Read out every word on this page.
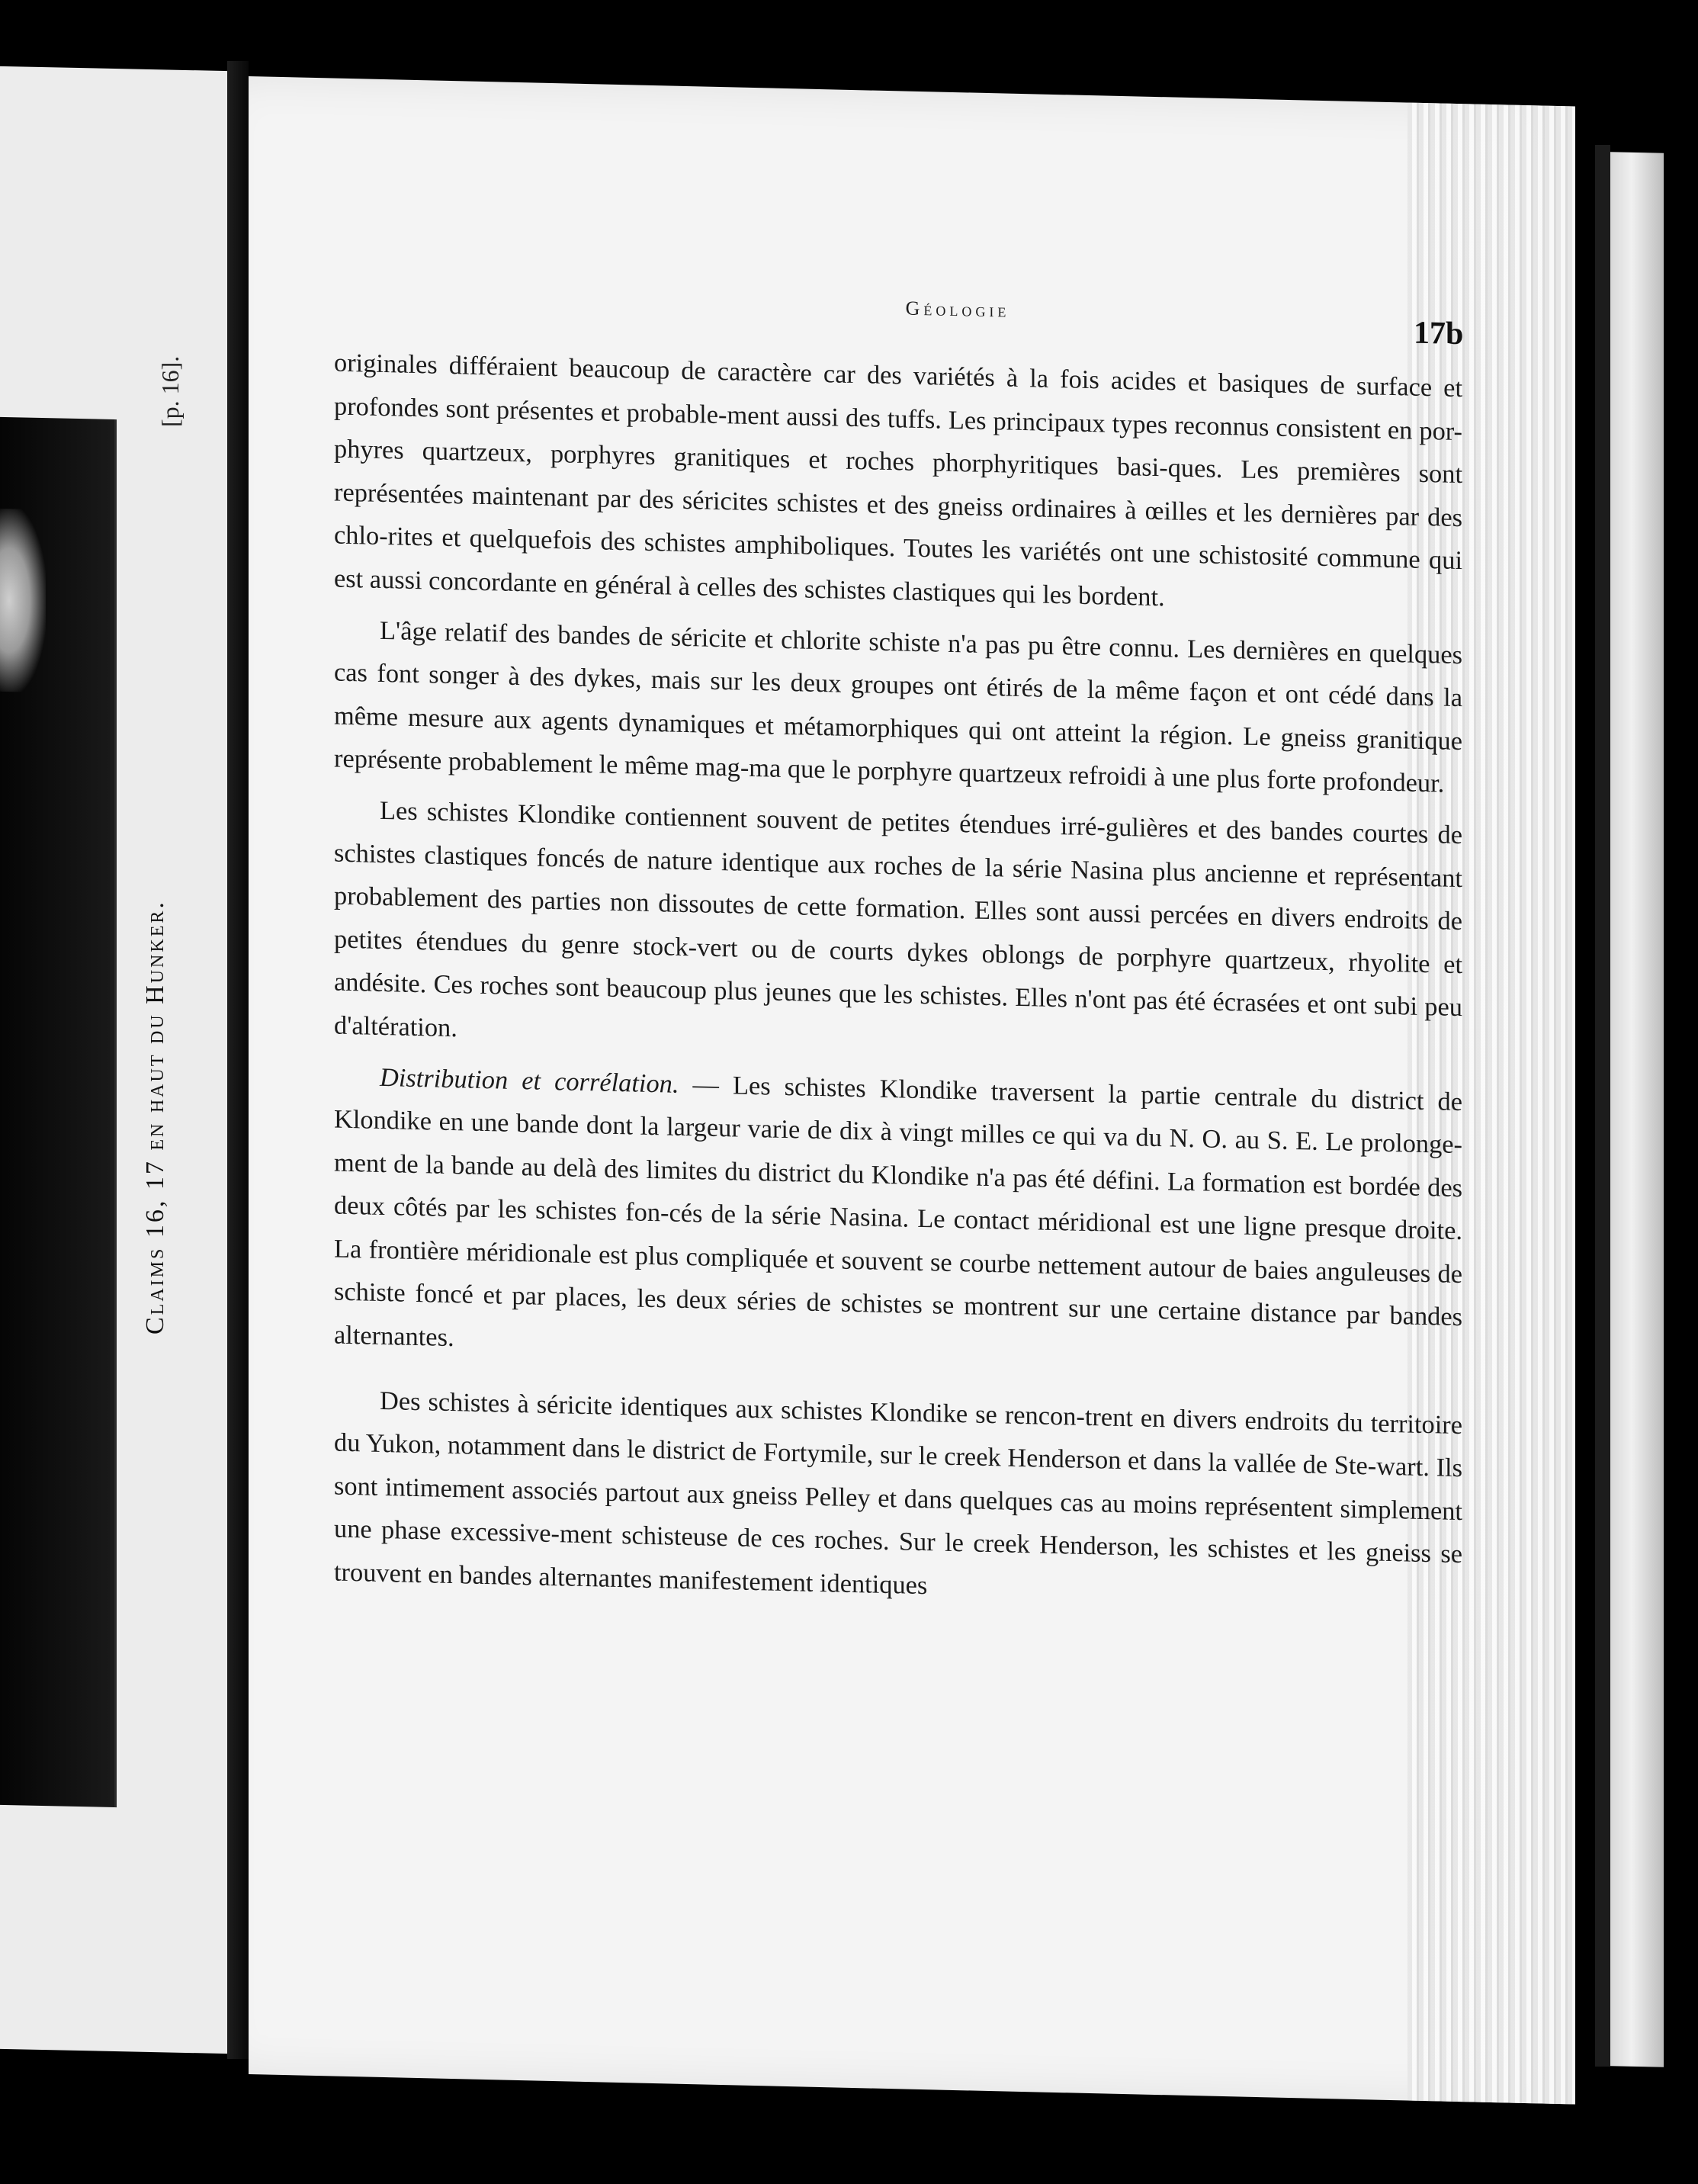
Claims 16, 17 en haut du Hunker.
[p. 16].
Géologie
17b

originales différaient beaucoup de caractère car des variétés à la fois acides et basiques de surface et profondes sont présentes et probable-ment aussi des tuffs. Les principaux types reconnus consistent en por-phyres quartzeux, porphyres granitiques et roches phorphyritiques basi-ques. Les premières sont représentées maintenant par des séricites schistes et des gneiss ordinaires à œilles et les dernières par des chlo-rites et quelquefois des schistes amphiboliques. Toutes les variétés ont une schistosité commune qui est aussi concordante en général à celles des schistes clastiques qui les bordent.

L'âge relatif des bandes de séricite et chlorite schiste n'a pas pu être connu. Les dernières en quelques cas font songer à des dykes, mais sur les deux groupes ont étirés de la même façon et ont cédé dans la même mesure aux agents dynamiques et métamorphiques qui ont atteint la région. Le gneiss granitique représente probablement le même mag-ma que le porphyre quartzeux refroidi à une plus forte profondeur.

Les schistes Klondike contiennent souvent de petites étendues irré-gulières et des bandes courtes de schistes clastiques foncés de nature identique aux roches de la série Nasina plus ancienne et représentant probablement des parties non dissoutes de cette formation. Elles sont aussi percées en divers endroits de petites étendues du genre stock-vert ou de courts dykes oblongs de porphyre quartzeux, rhyolite et andésite. Ces roches sont beaucoup plus jeunes que les schistes. Elles n'ont pas été écrasées et ont subi peu d'altération.

Distribution et corrélation. — Les schistes Klondike traversent la partie centrale du district de Klondike en une bande dont la largeur varie de dix à vingt milles ce qui va du N. O. au S. E. Le prolonge-ment de la bande au delà des limites du district du Klondike n'a pas été défini. La formation est bordée des deux côtés par les schistes fon-cés de la série Nasina. Le contact méridional est une ligne presque droite. La frontière méridionale est plus compliquée et souvent se courbe nettement autour de baies anguleuses de schiste foncé et par places, les deux séries de schistes se montrent sur une certaine distance par bandes alternantes.

Des schistes à séricite identiques aux schistes Klondike se rencon-trent en divers endroits du territoire du Yukon, notamment dans le district de Fortymile, sur le creek Henderson et dans la vallée de Ste-wart. Ils sont intimement associés partout aux gneiss Pelley et dans quelques cas au moins représentent simplement une phase excessive-ment schisteuse de ces roches. Sur le creek Henderson, les schistes et les gneiss se trouvent en bandes alternantes manifestement identiques
